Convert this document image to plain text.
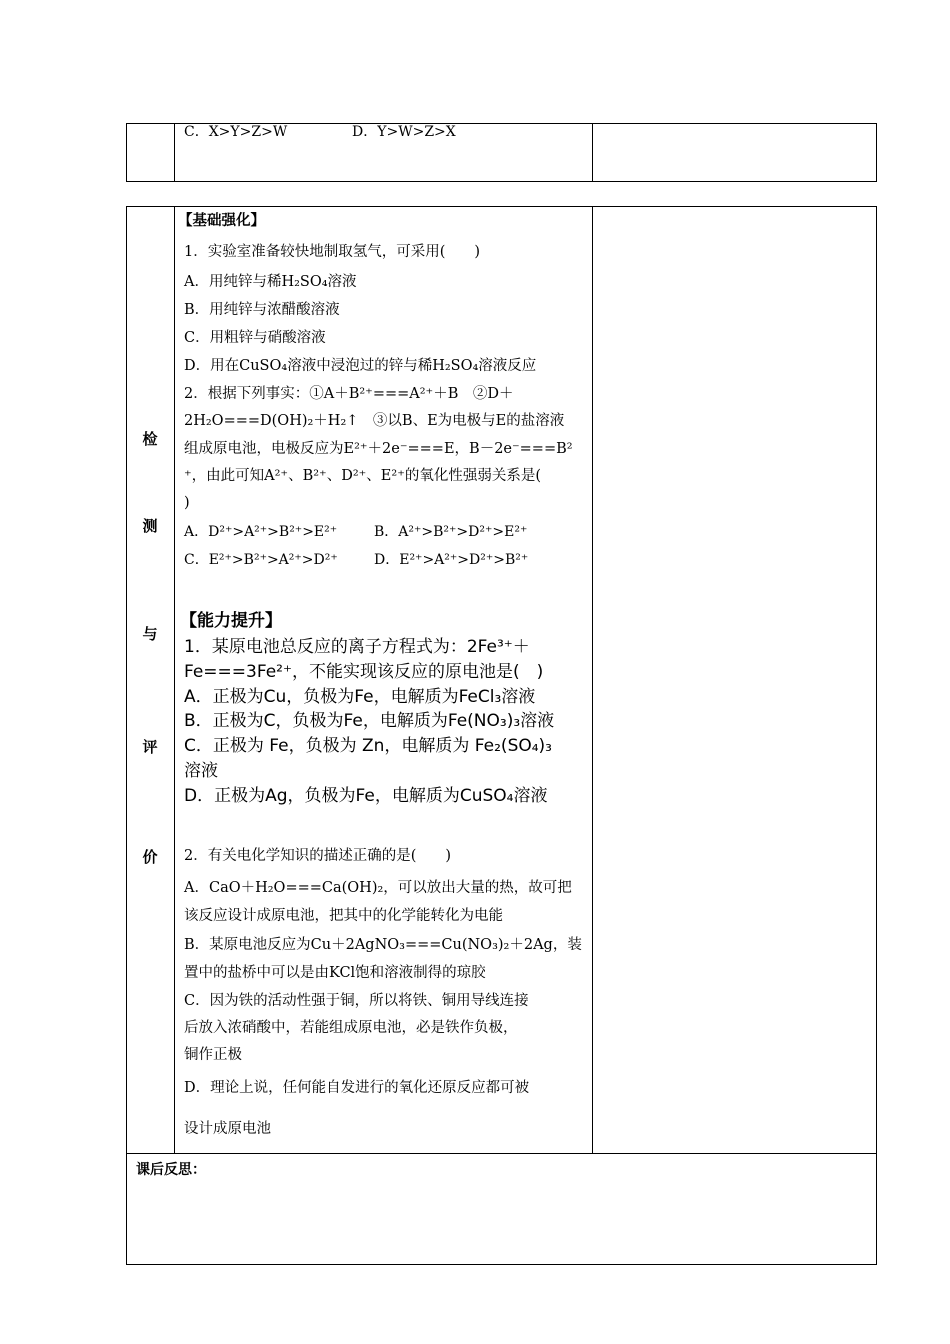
C．X>Y>Z>W	D．Y>W>Z>X
检
测
与
评
价
【基础强化】
1．实验室准备较快地制取氢气，可采用(　　)
A．用纯锌与稀H₂SO₄溶液
B．用纯锌与浓醋酸溶液
C．用粗锌与硝酸溶液
D．用在CuSO₄溶液中浸泡过的锌与稀H₂SO₄溶液反应
2．根据下列事实：①A＋B²⁺===A²⁺＋B　②D＋
2H₂O===D(OH)₂＋H₂↑　③以B、E为电极与E的盐溶液
组成原电池，电极反应为E²⁺＋2e⁻===E，B－2e⁻===B²
⁺，由此可知A²⁺、B²⁺、D²⁺、E²⁺的氧化性强弱关系是(
)
A．D²⁺>A²⁺>B²⁺>E²⁺	B．A²⁺>B²⁺>D²⁺>E²⁺
C．E²⁺>B²⁺>A²⁺>D²⁺	D．E²⁺>A²⁺>D²⁺>B²⁺
【能力提升】
1．某原电池总反应的离子方程式为：2Fe³⁺＋
Fe===3Fe²⁺，不能实现该反应的原电池是(　)
A．正极为Cu，负极为Fe，电解质为FeCl₃溶液
B．正极为C，负极为Fe，电解质为Fe(NO₃)₃溶液
C．正极为 Fe，负极为 Zn，电解质为 Fe₂(SO₄)₃
溶液
D．正极为Ag，负极为Fe，电解质为CuSO₄溶液
2．有关电化学知识的描述正确的是(　　)
A．CaO＋H₂O===Ca(OH)₂，可以放出大量的热，故可把
该反应设计成原电池，把其中的化学能转化为电能
B．某原电池反应为Cu＋2AgNO₃===Cu(NO₃)₂＋2Ag，装
置中的盐桥中可以是由KCl饱和溶液制得的琼胶
C．因为铁的活动性强于铜，所以将铁、铜用导线连接
后放入浓硝酸中，若能组成原电池，必是铁作负极，
铜作正极
D．理论上说，任何能自发进行的氧化还原反应都可被
设计成原电池
课后反思：
